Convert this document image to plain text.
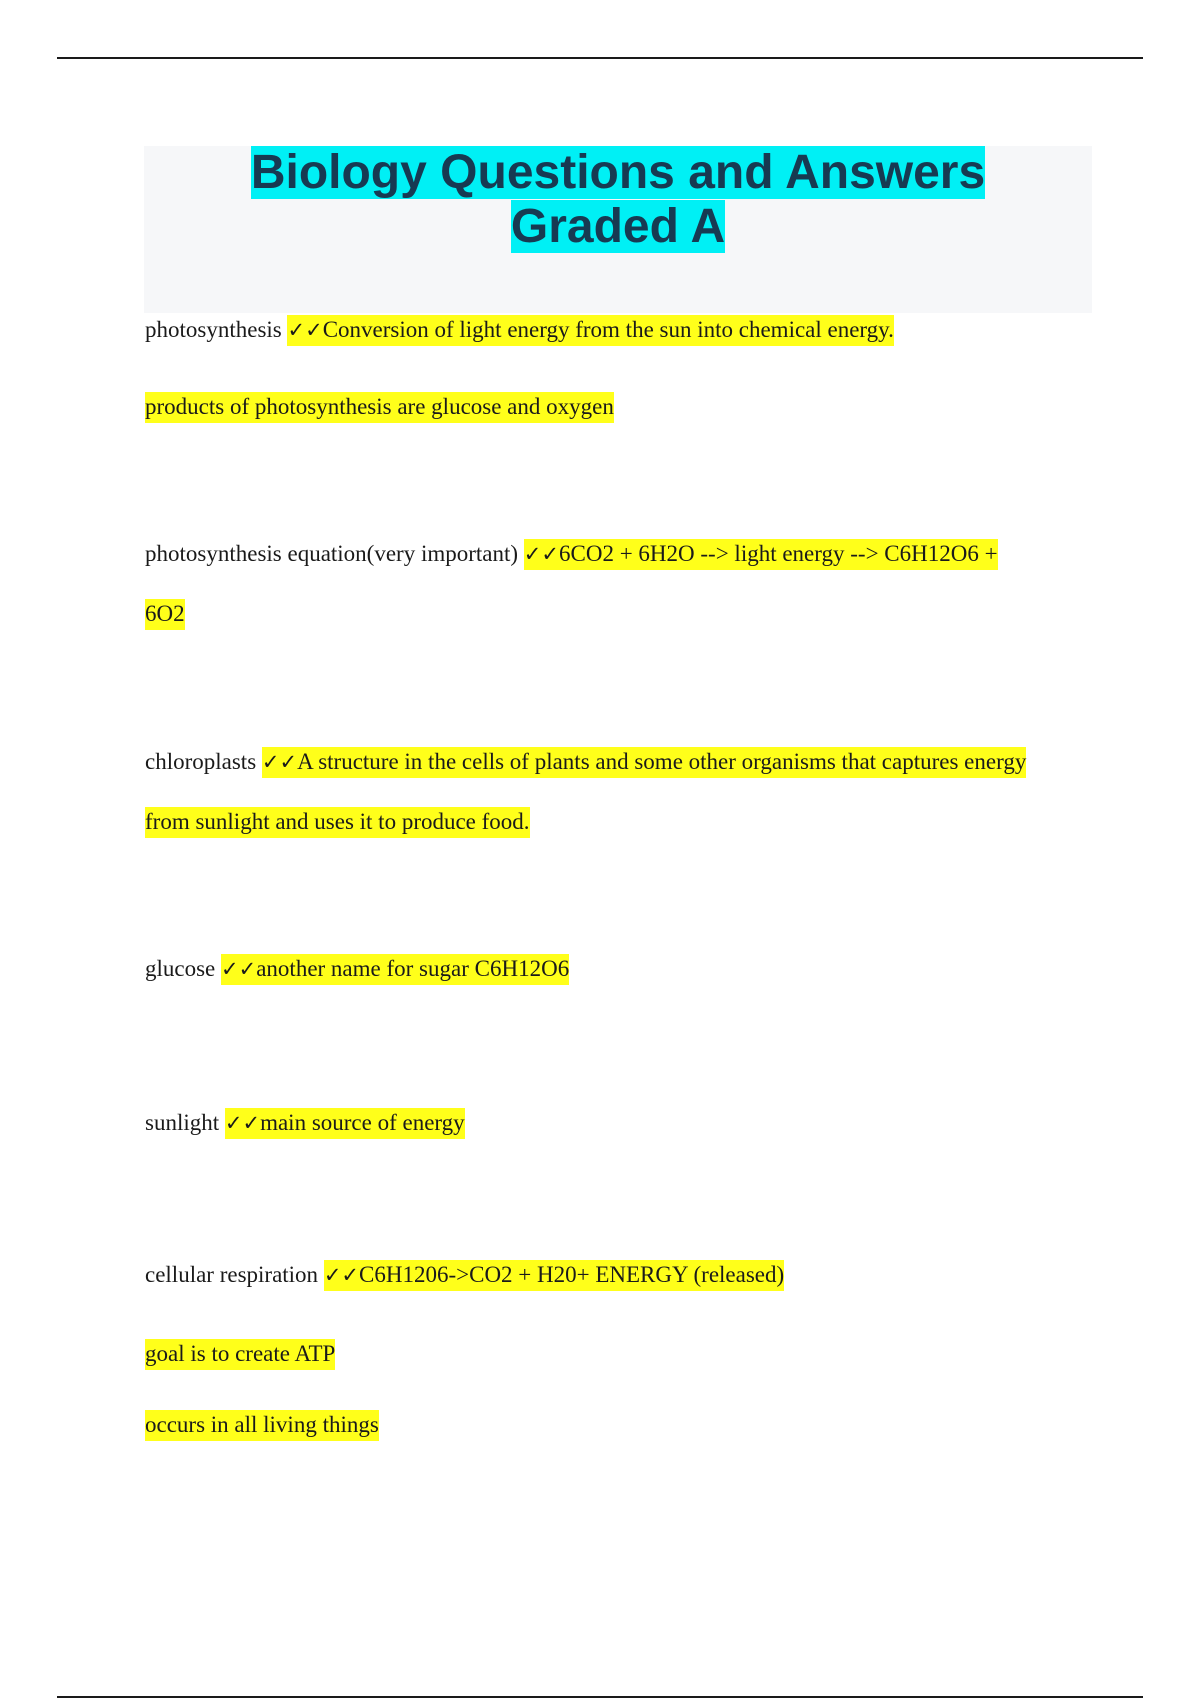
Biology Questions and Answers
Graded A
photosynthesis ✓✓Conversion of light energy from the sun into chemical energy.
products of photosynthesis are glucose and oxygen
photosynthesis equation(very important) ✓✓6CO2 + 6H2O --> light energy --> C6H12O6 +
6O2
chloroplasts ✓✓A structure in the cells of plants and some other organisms that captures energy
from sunlight and uses it to produce food.
glucose ✓✓another name for sugar C6H12O6
sunlight ✓✓main source of energy
cellular respiration ✓✓C6H1206->CO2 + H20+ ENERGY (released)
goal is to create ATP
occurs in all living things
